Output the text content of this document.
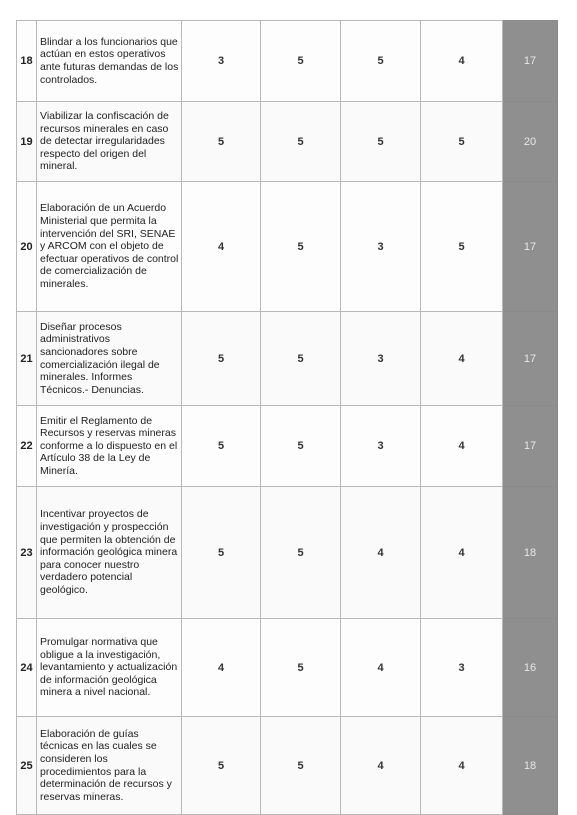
18	Blindar a los funcionarios que actúan en estos operativos ante futuras demandas de los controlados.	3	5	5	4	17
19	Viabilizar la confiscación de recursos minerales en caso de detectar irregularidades respecto del origen del mineral.	5	5	5	5	20
20	Elaboración de un Acuerdo Ministerial que permita la intervención del SRI, SENAE y ARCOM con el objeto de efectuar operativos de control de comercialización de minerales.	4	5	3	5	17
21	Diseñar procesos administrativos sancionadores sobre comercialización ilegal de minerales. Informes Técnicos.- Denuncias.	5	5	3	4	17
22	Emitir el Reglamento de Recursos y reservas mineras conforme a lo dispuesto en el Artículo 38 de la Ley de Minería.	5	5	3	4	17
23	Incentivar proyectos de investigación y prospección que permiten la obtención de información geológica minera para conocer nuestro verdadero potencial geológico.	5	5	4	4	18
24	Promulgar normativa que obligue a la investigación, levantamiento y actualización de información geológica minera a nivel nacional.	4	5	4	3	16
25	Elaboración de guías técnicas en las cuales se consideren los procedimientos para la determinación de recursos y reservas mineras.	5	5	4	4	18
